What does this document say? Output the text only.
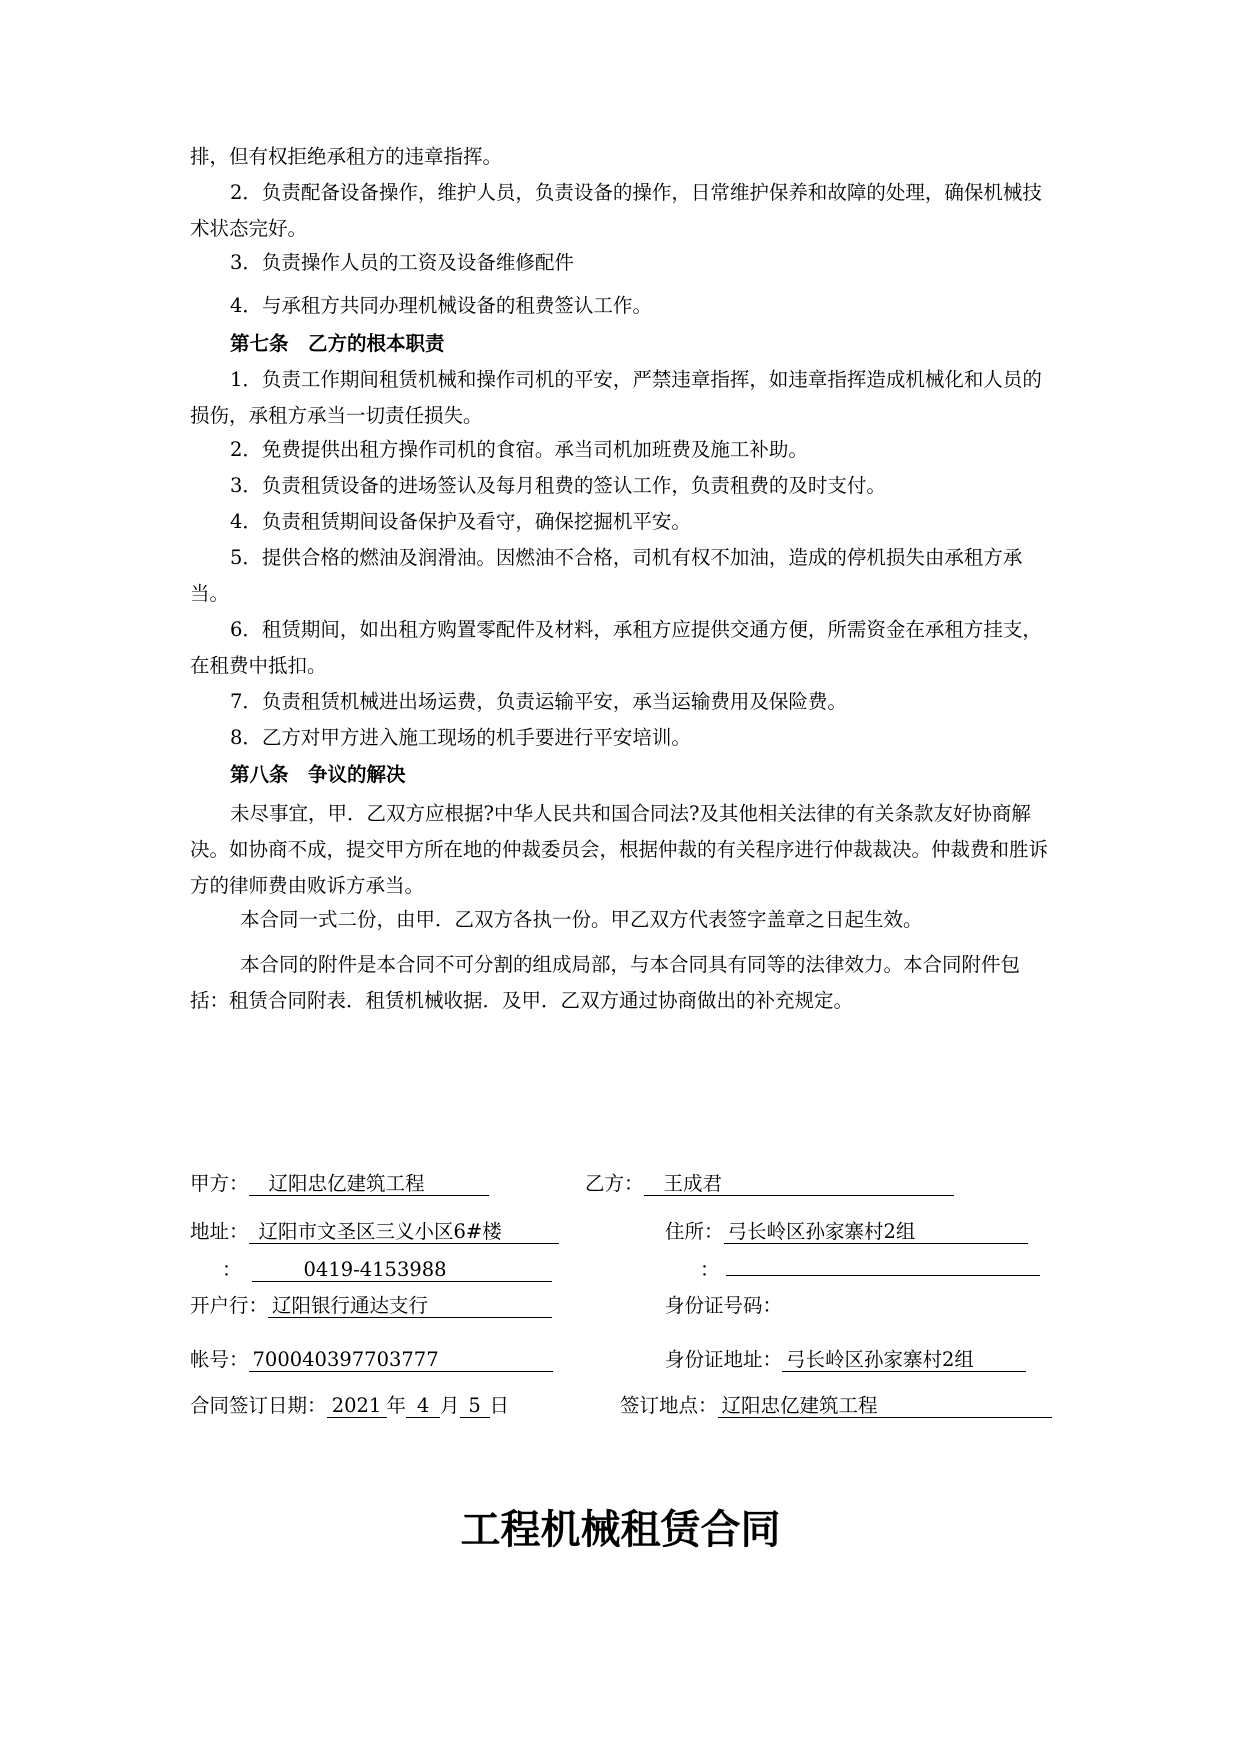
排，但有权拒绝承租方的违章指挥。

2．负责配备设备操作，维护人员，负责设备的操作，日常维护保养和故障的处理，确保机械技术状态完好。

3．负责操作人员的工资及设备维修配件

4．与承租方共同办理机械设备的租费签认工作。

第七条　乙方的根本职责

1．负责工作期间租赁机械和操作司机的平安，严禁违章指挥，如违章指挥造成机械化和人员的损伤，承租方承当一切责任损失。

2．免费提供出租方操作司机的食宿。承当司机加班费及施工补助。

3．负责租赁设备的进场签认及每月租费的签认工作，负责租费的及时支付。

4．负责租赁期间设备保护及看守，确保挖掘机平安。

5．提供合格的燃油及润滑油。因燃油不合格，司机有权不加油，造成的停机损失由承租方承当。

6．租赁期间，如出租方购置零配件及材料，承租方应提供交通方便，所需资金在承租方挂支，在租费中抵扣。

7．负责租赁机械进出场运费，负责运输平安，承当运输费用及保险费。

8．乙方对甲方进入施工现场的机手要进行平安培训。

第八条　争议的解决

未尽事宜，甲．乙双方应根据?中华人民共和国合同法?及其他相关法律的有关条款友好协商解决。如协商不成，提交甲方所在地的仲裁委员会，根据仲裁的有关程序进行仲裁裁决。仲裁费和胜诉方的律师费由败诉方承当。

本合同一式二份，由甲．乙双方各执一份。甲乙双方代表签字盖章之日起生效。

本合同的附件是本合同不可分割的组成局部，与本合同具有同等的法律效力。本合同附件包括：租赁合同附表．租赁机械收据．及甲．乙双方通过协商做出的补充规定。

甲方： 辽阳忠亿建筑工程	乙方： 王成君
地址： 辽阳市文圣区三义小区6#楼	住所： 弓长岭区孙家寨村2组
：	0419-4153988	：
开户行： 辽阳银行通达支行	身份证号码：
帐号： 700040397703777	身份证地址： 弓长岭区孙家寨村2组
合同签订日期： 2021 年 4 月 5 日	签订地点： 辽阳忠亿建筑工程
工程机械租赁合同
